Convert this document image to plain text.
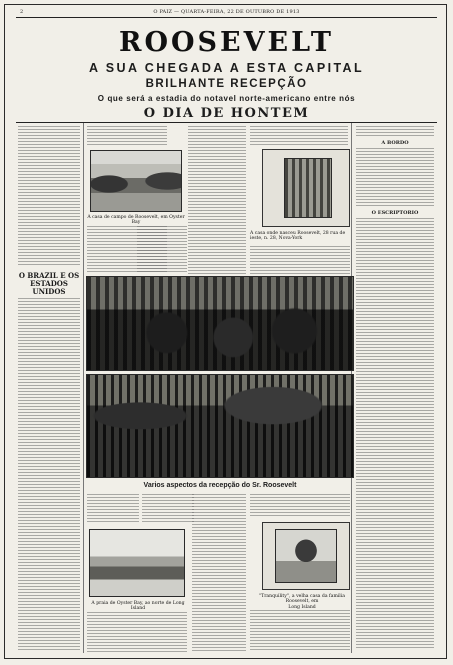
2	O PAIZ — QUARTA-FEIRA, 22 DE OUTUBRO DE 1913
ROOSEVELT
A SUA CHEGADA A ESTA CAPITAL
BRILHANTE RECEPÇÃO
O que será a estadia do notavel norte-americano entre nós
O DIA DE HONTEM
O BRAZIL E OS
ESTADOS
UNIDOS
A casa de campo de Roosevelt, em Oyster Bay
A casa onde nasceu Roosevelt, 28 rua de ieste, n. 28, Nova-York
Varios aspectos da recepção do Sr. Roosevelt
A praia de Oyster Bay, ao norte de Long Island
"Tranquility", a velha casa da familia Roosevelt, em
Long Island
A BORDO
O ESCRIPTORIO
